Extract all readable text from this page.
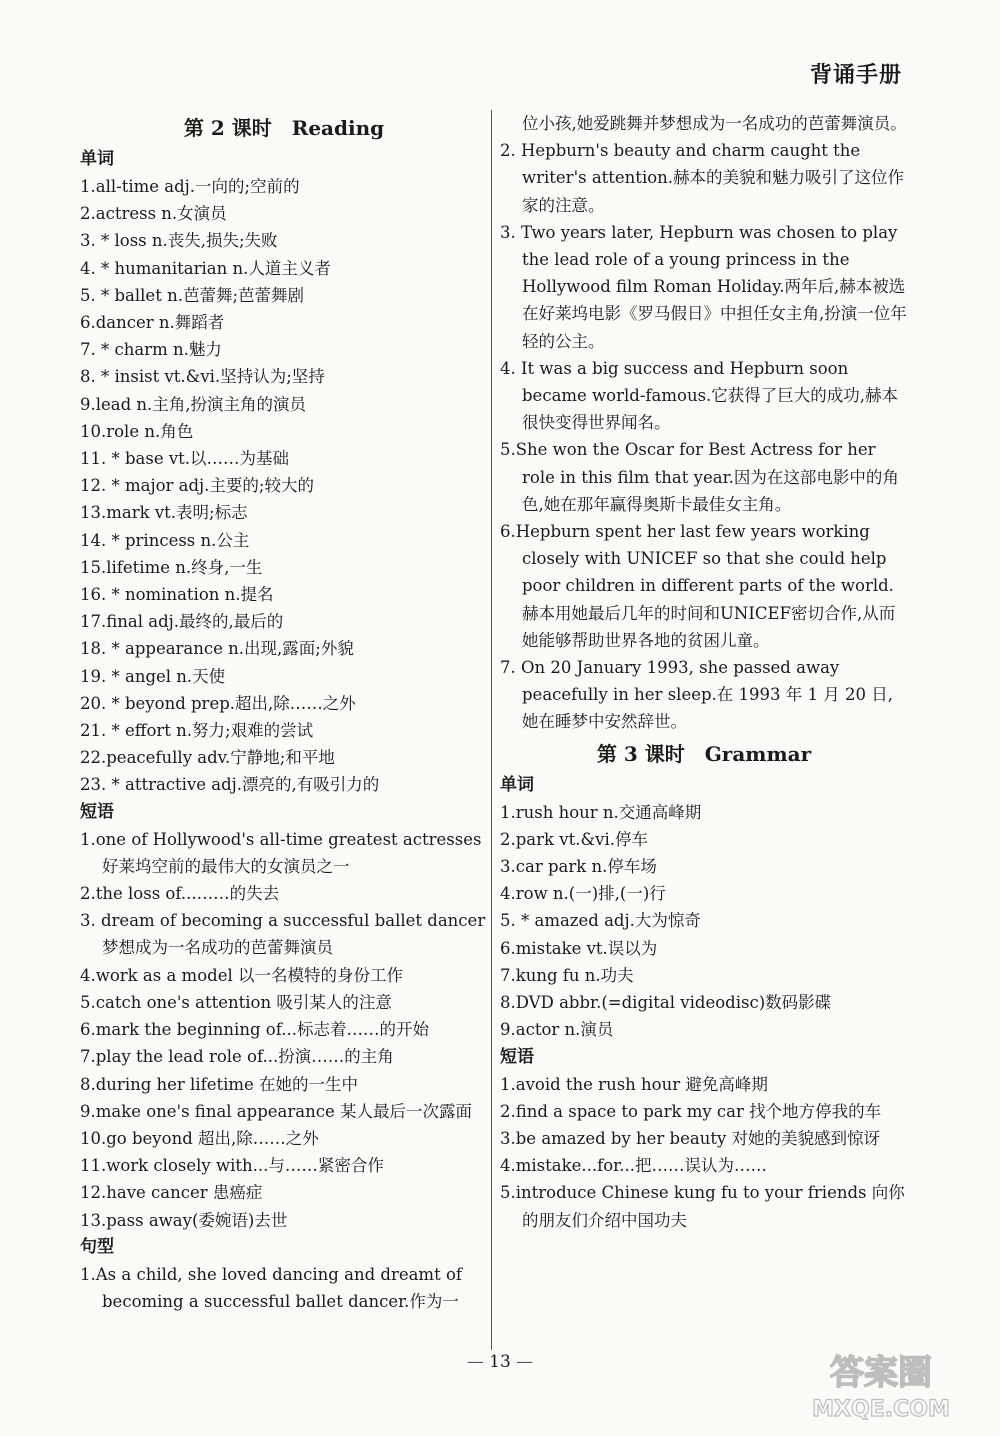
背诵手册
第 2 课时　Reading
单词
1.all-time adj.一向的;空前的
2.actress n.女演员
3. * loss n.丧失,损失;失败
4. * humanitarian n.人道主义者
5. * ballet n.芭蕾舞;芭蕾舞剧
6.dancer n.舞蹈者
7. * charm n.魅力
8. * insist vt.&vi.坚持认为;坚持
9.lead n.主角,扮演主角的演员
10.role n.角色
11. * base vt.以……为基础
12. * major adj.主要的;较大的
13.mark vt.表明;标志
14. * princess n.公主
15.lifetime n.终身,一生
16. * nomination n.提名
17.final adj.最终的,最后的
18. * appearance n.出现,露面;外貌
19. * angel n.天使
20. * beyond prep.超出,除……之外
21. * effort n.努力;艰难的尝试
22.peacefully adv.宁静地;和平地
23. * attractive adj.漂亮的,有吸引力的
短语
1.one of Hollywood's all-time greatest actresses 好莱坞空前的最伟大的女演员之一
2.the loss of...……的失去
3. dream of becoming a successful ballet dancer 梦想成为一名成功的芭蕾舞演员
4.work as a model 以一名模特的身份工作
5.catch one's attention 吸引某人的注意
6.mark the beginning of...标志着……的开始
7.play the lead role of...扮演……的主角
8.during her lifetime 在她的一生中
9.make one's final appearance 某人最后一次露面
10.go beyond 超出,除……之外
11.work closely with...与……紧密合作
12.have cancer 患癌症
13.pass away(委婉语)去世
句型
1.As a child, she loved dancing and dreamt of becoming a successful ballet dancer.作为一
位小孩,她爱跳舞并梦想成为一名成功的芭蕾舞演员。
2. Hepburn's beauty and charm caught the writer's attention.赫本的美貌和魅力吸引了这位作家的注意。
3. Two years later, Hepburn was chosen to play the lead role of a young princess in the Hollywood film Roman Holiday.两年后,赫本被选在好莱坞电影《罗马假日》中担任女主角,扮演一位年轻的公主。
4. It was a big success and Hepburn soon became world-famous.它获得了巨大的成功,赫本很快变得世界闻名。
5.She won the Oscar for Best Actress for her role in this film that year.因为在这部电影中的角色,她在那年赢得奥斯卡最佳女主角。
6.Hepburn spent her last few years working closely with UNICEF so that she could help poor children in different parts of the world.赫本用她最后几年的时间和UNICEF密切合作,从而她能够帮助世界各地的贫困儿童。
7. On 20 January 1993, she passed away peacefully in her sleep.在 1993 年 1 月 20 日,她在睡梦中安然辞世。
第 3 课时　Grammar
单词
1.rush hour n.交通高峰期
2.park vt.&vi.停车
3.car park n.停车场
4.row n.(一)排,(一)行
5. * amazed adj.大为惊奇
6.mistake vt.误以为
7.kung fu n.功夫
8.DVD abbr.(=digital videodisc)数码影碟
9.actor n.演员
短语
1.avoid the rush hour 避免高峰期
2.find a space to park my car 找个地方停我的车
3.be amazed by her beauty 对她的美貌感到惊讶
4.mistake...for...把……误认为……
5.introduce Chinese kung fu to your friends 向你的朋友们介绍中国功夫
— 13 —	答案圈
MXQE.COM
